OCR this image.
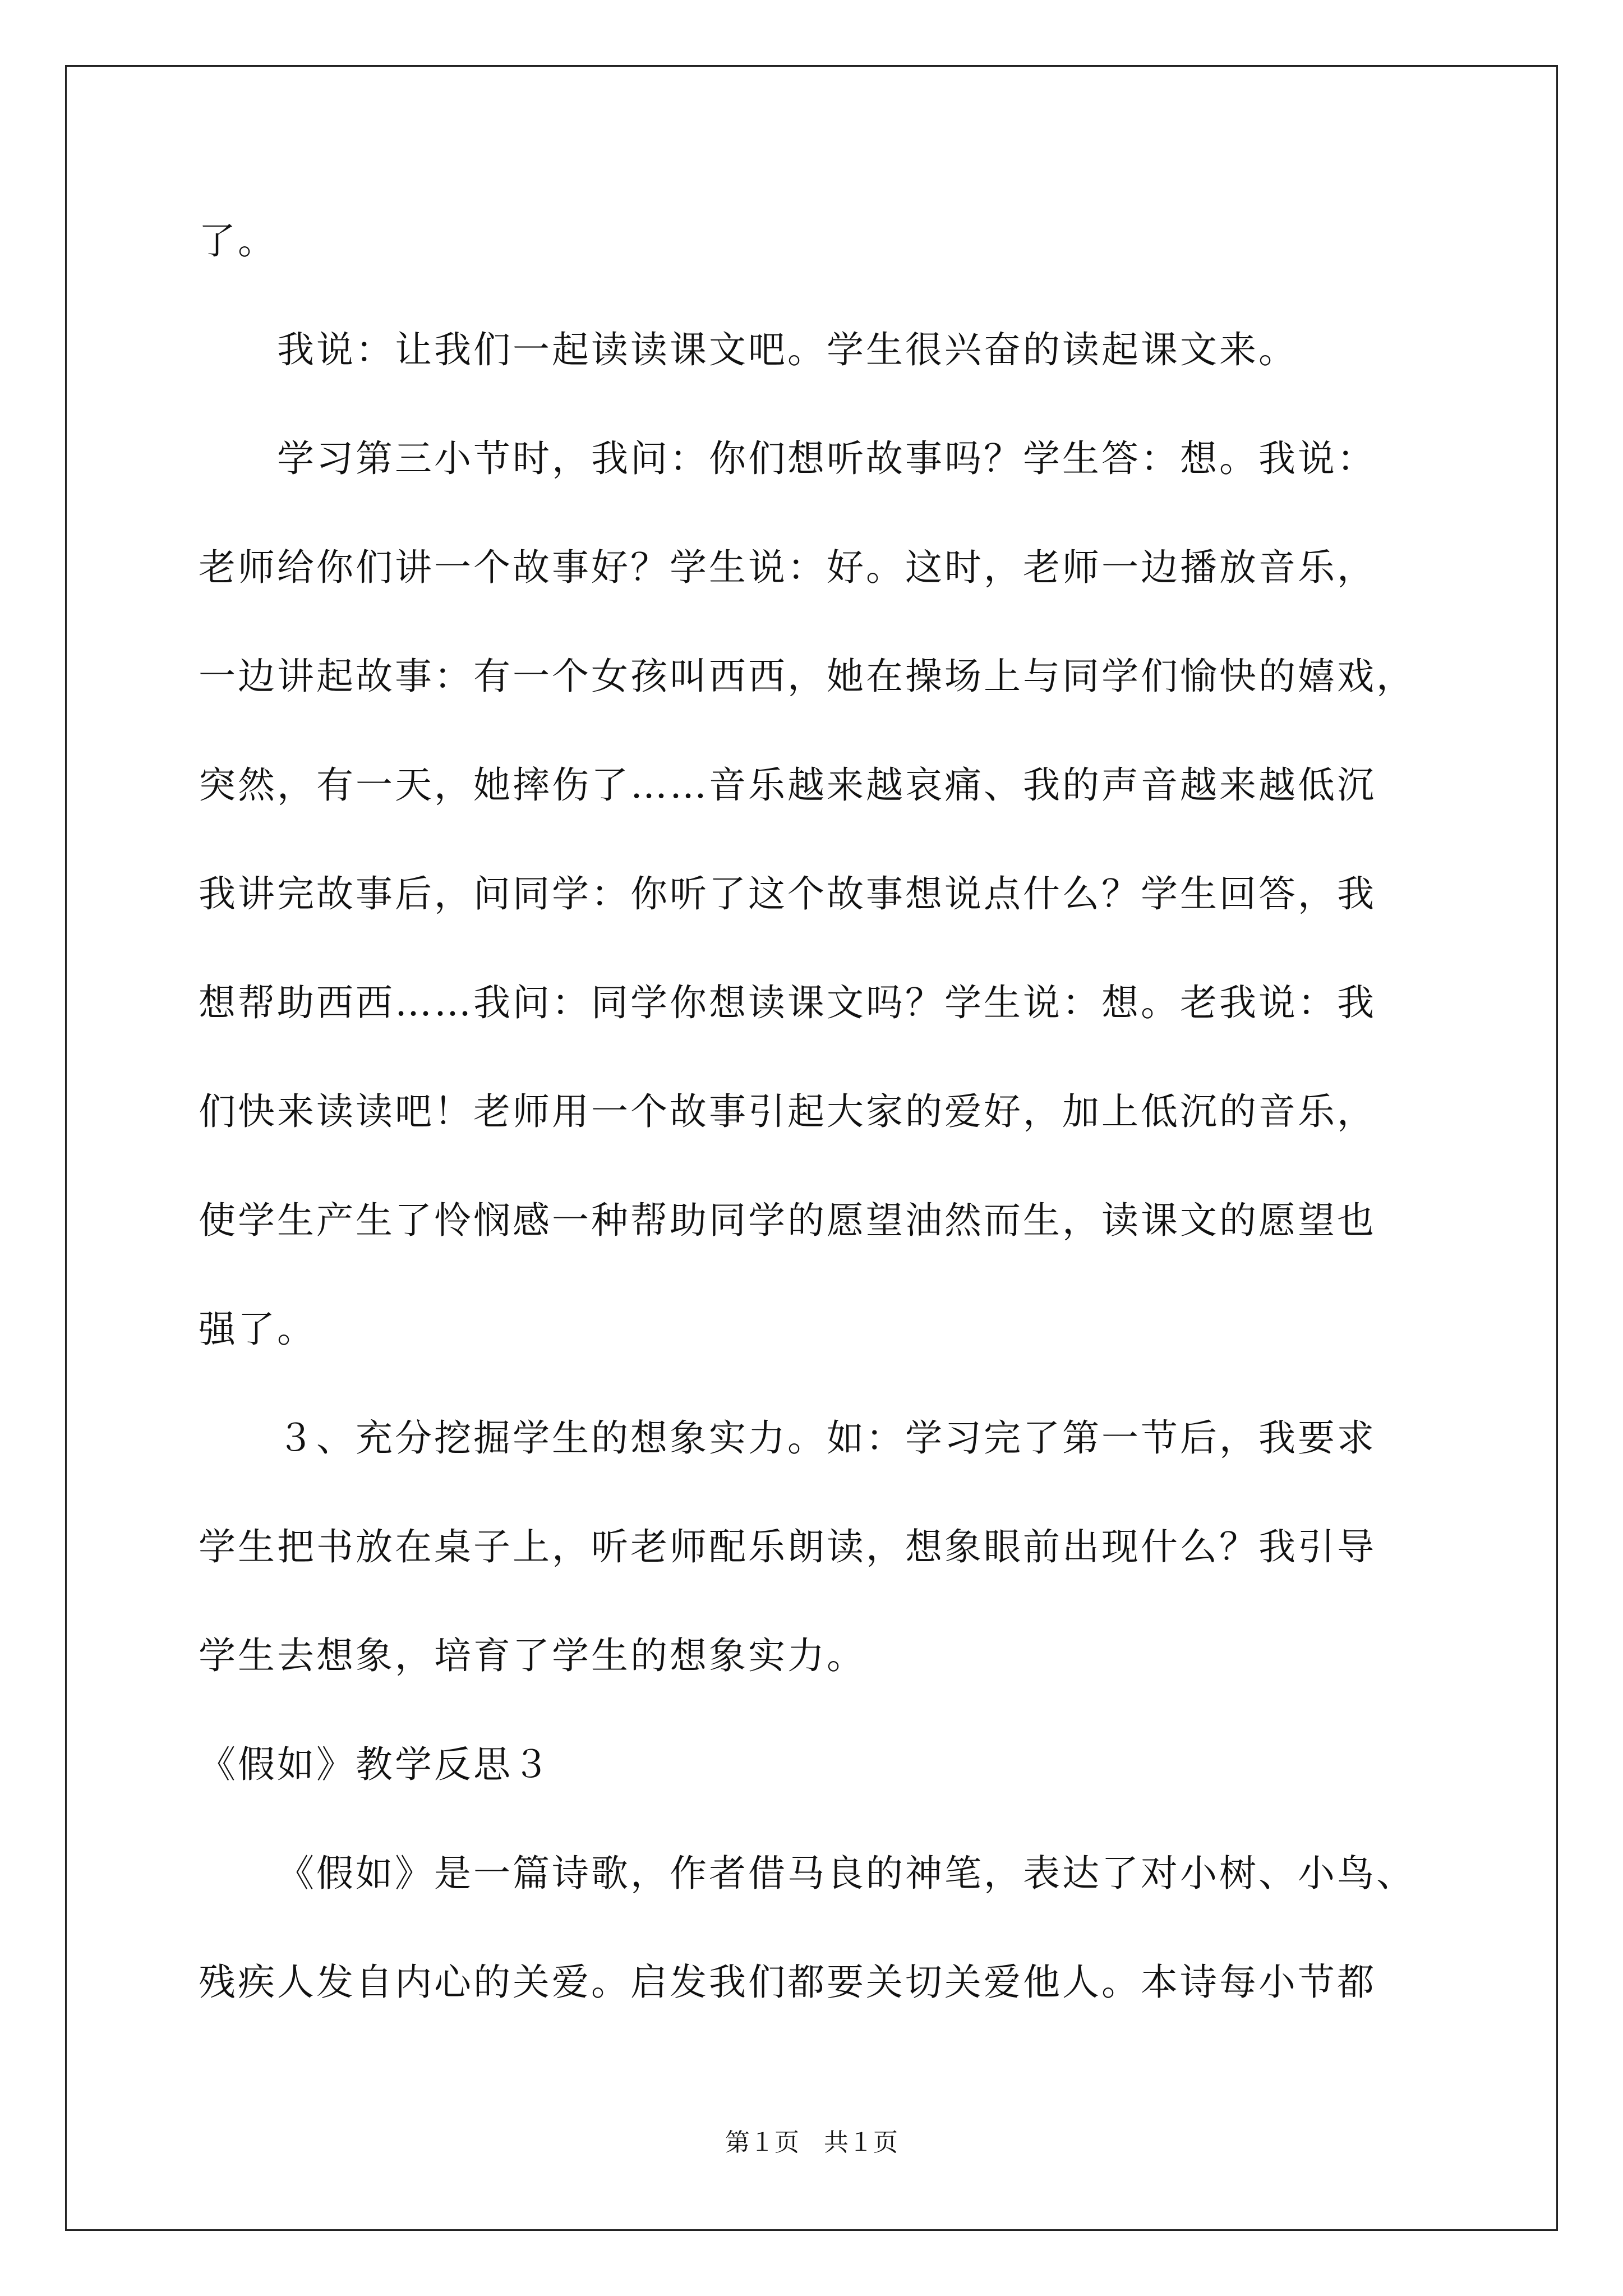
了。
我说：让我们一起读读课文吧。学生很兴奋的读起课文来。
学习第三小节时，我问：你们想听故事吗？学生答：想。我说：
老师给你们讲一个故事好？学生说：好。这时，老师一边播放音乐，
一边讲起故事：有一个女孩叫西西，她在操场上与同学们愉快的嬉戏，
突然，有一天，她摔伤了……音乐越来越哀痛、我的声音越来越低沉
我讲完故事后，问同学：你听了这个故事想说点什么？学生回答，我
想帮助西西……我问：同学你想读课文吗？学生说：想。老我说：我
们快来读读吧！老师用一个故事引起大家的爱好，加上低沉的音乐，
使学生产生了怜悯感一种帮助同学的愿望油然而生，读课文的愿望也
强了。
３、充分挖掘学生的想象实力。如：学习完了第一节后，我要求
学生把书放在桌子上，听老师配乐朗读，想象眼前出现什么？我引导
学生去想象，培育了学生的想象实力。
《假如》教学反思３
《假如》是一篇诗歌，作者借马良的神笔，表达了对小树、小鸟、
残疾人发自内心的关爱。启发我们都要关切关爱他人。本诗每小节都
第１页　共１页
